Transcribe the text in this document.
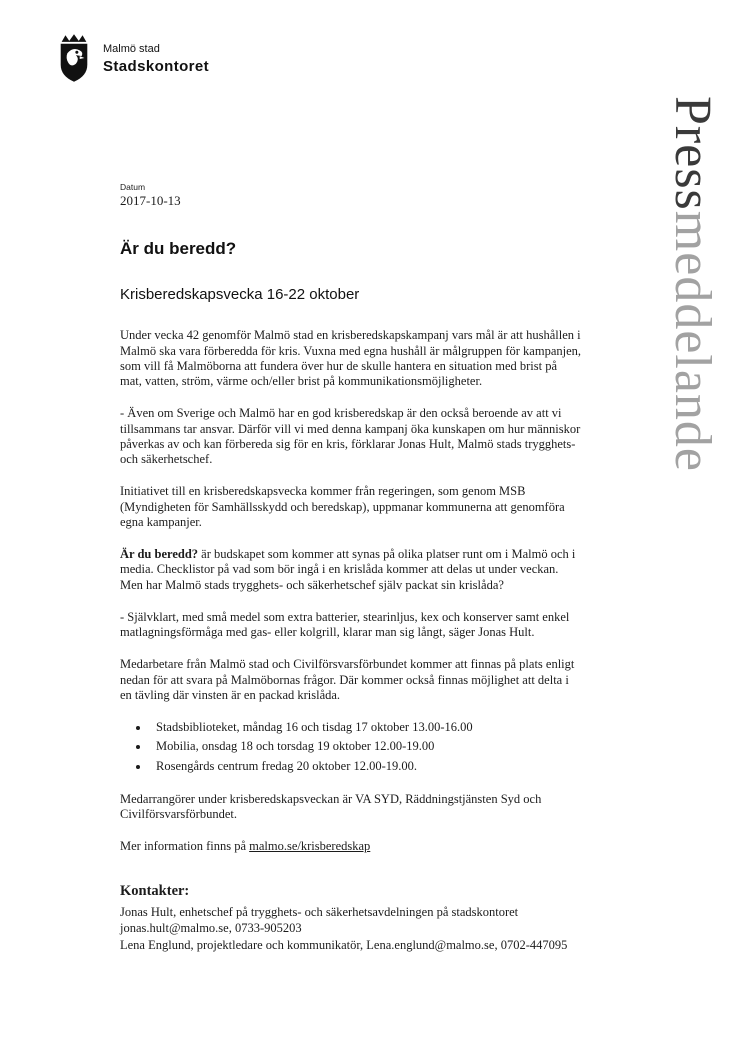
Malmö stad
Stadskontoret
Pressmeddelande
Datum
2017-10-13
Är du beredd?
Krisberedskapsvecka 16-22 oktober

Under vecka 42 genomför Malmö stad en krisberedskapskampanj vars mål är att hushållen i Malmö ska vara förberedda för kris. Vuxna med egna hushåll är målgruppen för kampanjen, som vill få Malmöborna att fundera över hur de skulle hantera en situation med brist på mat, vatten, ström, värme och/eller brist på kommunikationsmöjligheter.

- Även om Sverige och Malmö har en god krisberedskap är den också beroende av att vi tillsammans tar ansvar. Därför vill vi med denna kampanj öka kunskapen om hur människor påverkas av och kan förbereda sig för en kris, förklarar Jonas Hult, Malmö stads trygghets- och säkerhetschef.

Initiativet till en krisberedskapsvecka kommer från regeringen, som genom MSB (Myndigheten för Samhällsskydd och beredskap), uppmanar kommunerna att genomföra egna kampanjer.

Är du beredd? är budskapet som kommer att synas på olika platser runt om i Malmö och i media. Checklistor på vad som bör ingå i en krislåda kommer att delas ut under veckan. Men har Malmö stads trygghets- och säkerhetschef själv packat sin krislåda?

- Självklart, med små medel som extra batterier, stearinljus, kex och konserver samt enkel matlagningsförmåga med gas- eller kolgrill, klarar man sig långt, säger Jonas Hult.

Medarbetare från Malmö stad och Civilförsvarsförbundet kommer att finnas på plats enligt nedan för att svara på Malmöbornas frågor. Där kommer också finnas möjlighet att delta i en tävling där vinsten är en packad krislåda.

• Stadsbiblioteket, måndag 16 och tisdag 17 oktober 13.00-16.00
• Mobilia, onsdag 18 och torsdag 19 oktober 12.00-19.00
• Rosengårds centrum fredag 20 oktober 12.00-19.00.

Medarrangörer under krisberedskapsveckan är VA SYD, Räddningstjänsten Syd och Civilförsvarsförbundet.

Mer information finns på malmo.se/krisberedskap

Kontakter:
Jonas Hult, enhetschef på trygghets- och säkerhetsavdelningen på stadskontoret
jonas.hult@malmo.se, 0733-905203
Lena Englund, projektledare och kommunikatör, Lena.englund@malmo.se, 0702-447095
